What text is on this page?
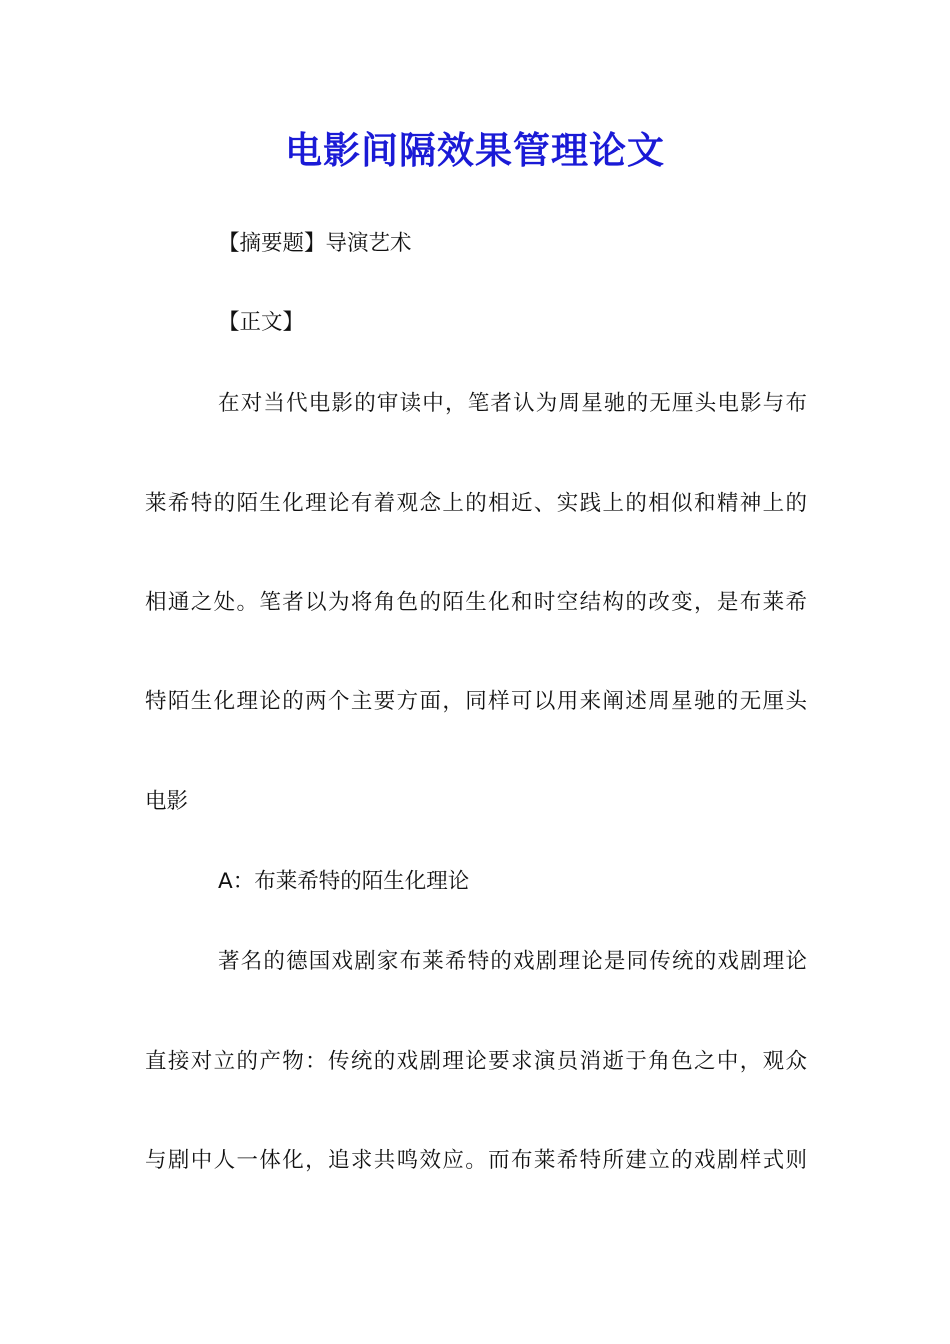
电影间隔效果管理论文

【摘要题】导演艺术

【正文】

在对当代电影的审读中，笔者认为周星驰的无厘头电影与布

莱希特的陌生化理论有着观念上的相近、实践上的相似和精神上的

相通之处。笔者以为将角色的陌生化和时空结构的改变，是布莱希

特陌生化理论的两个主要方面，同样可以用来阐述周星驰的无厘头

电影

A：布莱希特的陌生化理论

著名的德国戏剧家布莱希特的戏剧理论是同传统的戏剧理论

直接对立的产物：传统的戏剧理论要求演员消逝于角色之中，观众

与剧中人一体化，追求共鸣效应。而布莱希特所建立的戏剧样式则
